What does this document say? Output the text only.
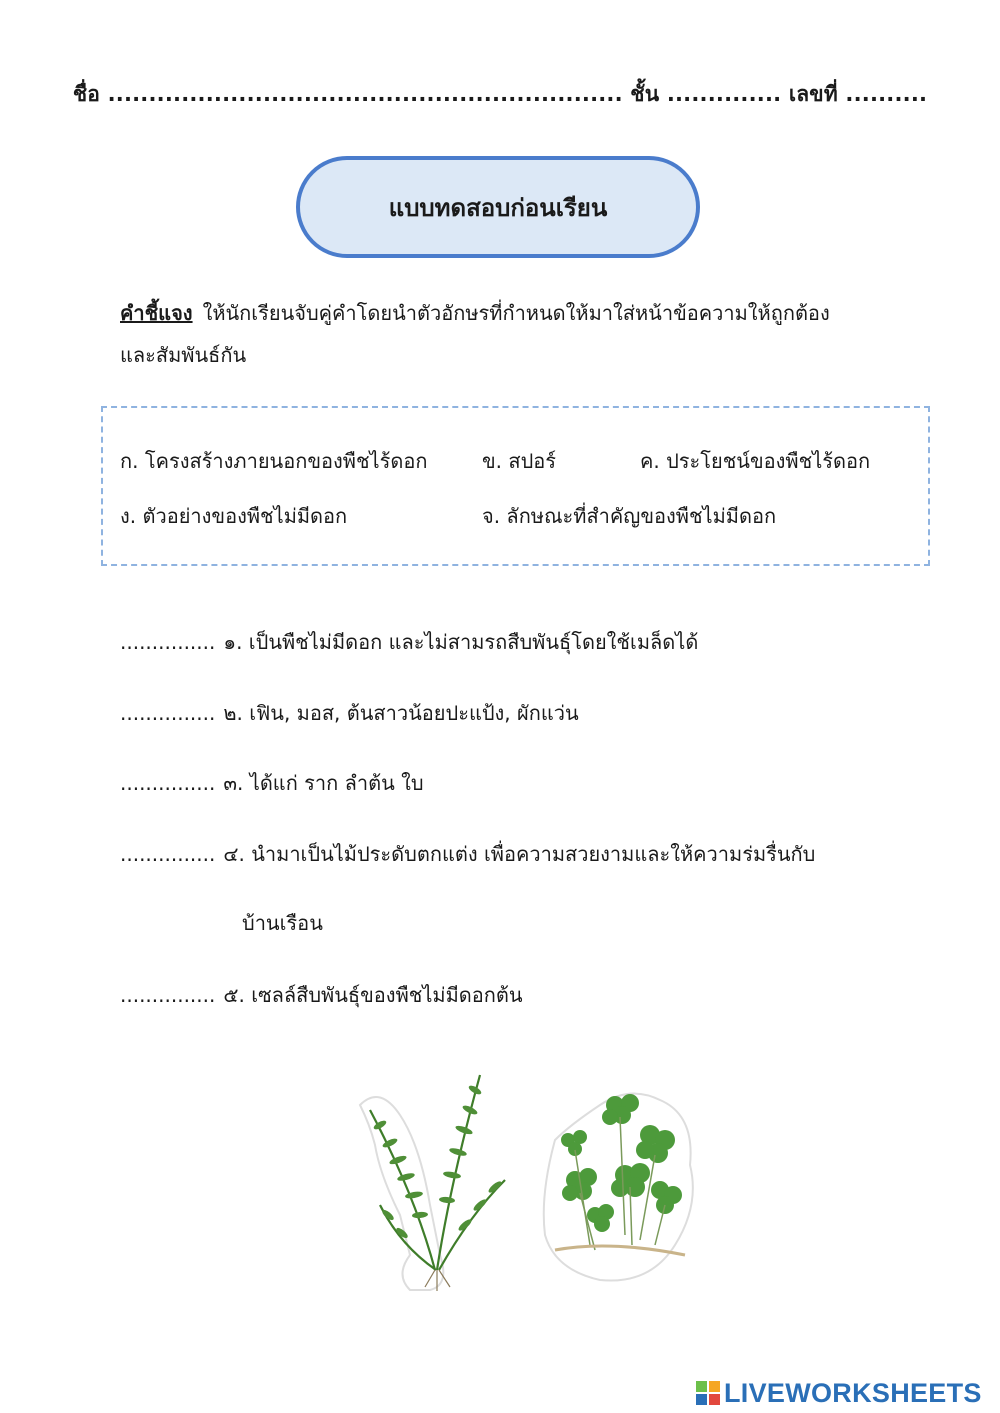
ชื่อ ............................................................... ชั้น .............. เลขที่ ..........
แบบทดสอบก่อนเรียน
คำชี้แจง ให้นักเรียนจับคู่คำโดยนำตัวอักษรที่กำหนดให้มาใส่หน้าข้อความให้ถูกต้อง
และสัมพันธ์กัน
ก. โครงสร้างภายนอกของพืชไร้ดอก	ข. สปอร์	ค. ประโยชน์ของพืชไร้ดอก
ง. ตัวอย่างของพืชไม่มีดอก	จ. ลักษณะที่สำคัญของพืชไม่มีดอก
............... ๑. เป็นพืชไม่มีดอก และไม่สามรถสืบพันธุ์โดยใช้เมล็ดได้
............... ๒. เฟิน, มอส, ต้นสาวน้อยปะแป้ง, ผักแว่น
............... ๓. ได้แก่ ราก ลำต้น ใบ
............... ๔. นำมาเป็นไม้ประดับตกแต่ง เพื่อความสวยงามและให้ความร่มรื่นกับ
บ้านเรือน
............... ๕. เซลล์สืบพันธุ์ของพืชไม่มีดอกต้น
LIVEWORKSHEETS
